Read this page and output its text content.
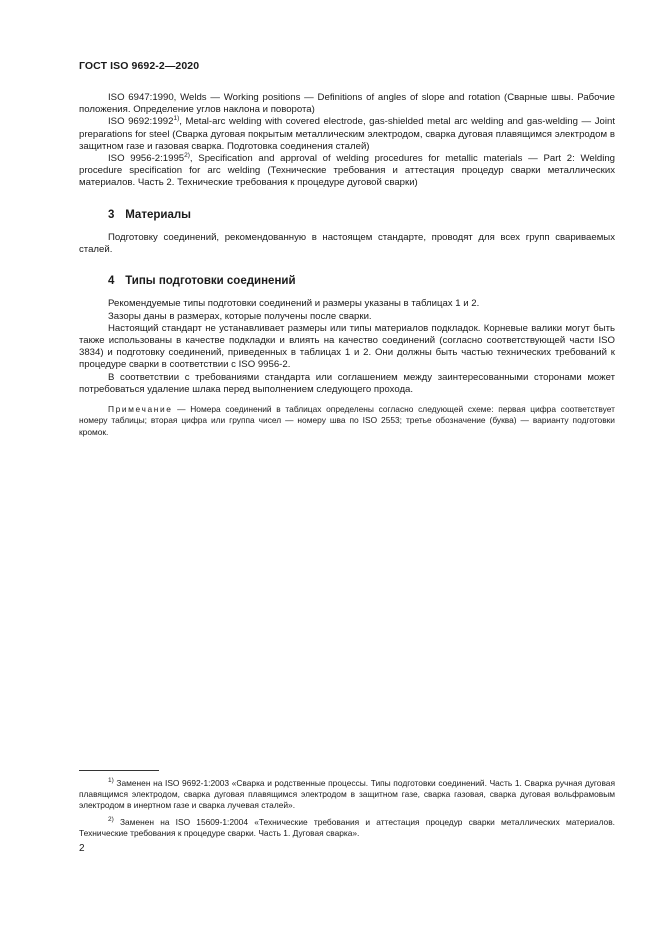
ГОСТ ISO 9692-2—2020

ISO 6947:1990, Welds — Working positions — Definitions of angles of slope and rotation (Сварные швы. Рабочие положения. Определение углов наклона и поворота)

ISO 9692:1992$^{1)}$, Metal-arc welding with covered electrode, gas-shielded metal arc welding and gas-welding — Joint preparations for steel (Сварка дуговая покрытым металлическим электродом, сварка дуговая плавящимся электродом в защитном газе и газовая сварка. Подготовка соединения сталей)

ISO 9956-2:1995$^{2)}$, Specification and approval of welding procedures for metallic materials — Part 2: Welding procedure specification for arc welding (Технические требования и аттестация процедур сварки металлических материалов. Часть 2. Технические требования к процедуре дуговой сварки)

3 Материалы

Подготовку соединений, рекомендованную в настоящем стандарте, проводят для всех групп свариваемых сталей.

4 Типы подготовки соединений

Рекомендуемые типы подготовки соединений и размеры указаны в таблицах 1 и 2.

Зазоры даны в размерах, которые получены после сварки.

Настоящий стандарт не устанавливает размеры или типы материалов подкладок. Корневые валики могут быть также использованы в качестве подкладки и влиять на качество соединений (согласно соответствующей части ISO 3834) и подготовку соединений, приведенных в таблицах 1 и 2. Они должны быть частью технических требований к процедуре сварки в соответствии с ISO 9956-2.

В соответствии с требованиями стандарта или соглашением между заинтересованными сторонами может потребоваться удаление шлака перед выполнением следующего прохода.

Примечание — Номера соединений в таблицах определены согласно следующей схеме: первая цифра соответствует номеру таблицы; вторая цифра или группа чисел — номеру шва по ISO 2553; третье обозначение (буква) — варианту подготовки кромок.

$^{1)}$ Заменен на ISO 9692-1:2003 «Сварка и родственные процессы. Типы подготовки соединений. Часть 1. Сварка ручная дуговая плавящимся электродом, сварка дуговая плавящимся электродом в защитном газе, сварка газовая, сварка дуговая вольфрамовым электродом в инертном газе и сварка лучевая сталей».

$^{2)}$ Заменен на ISO 15609-1:2004 «Технические требования и аттестация процедур сварки металлических материалов. Технические требования к процедуре сварки. Часть 1. Дуговая сварка».

2
